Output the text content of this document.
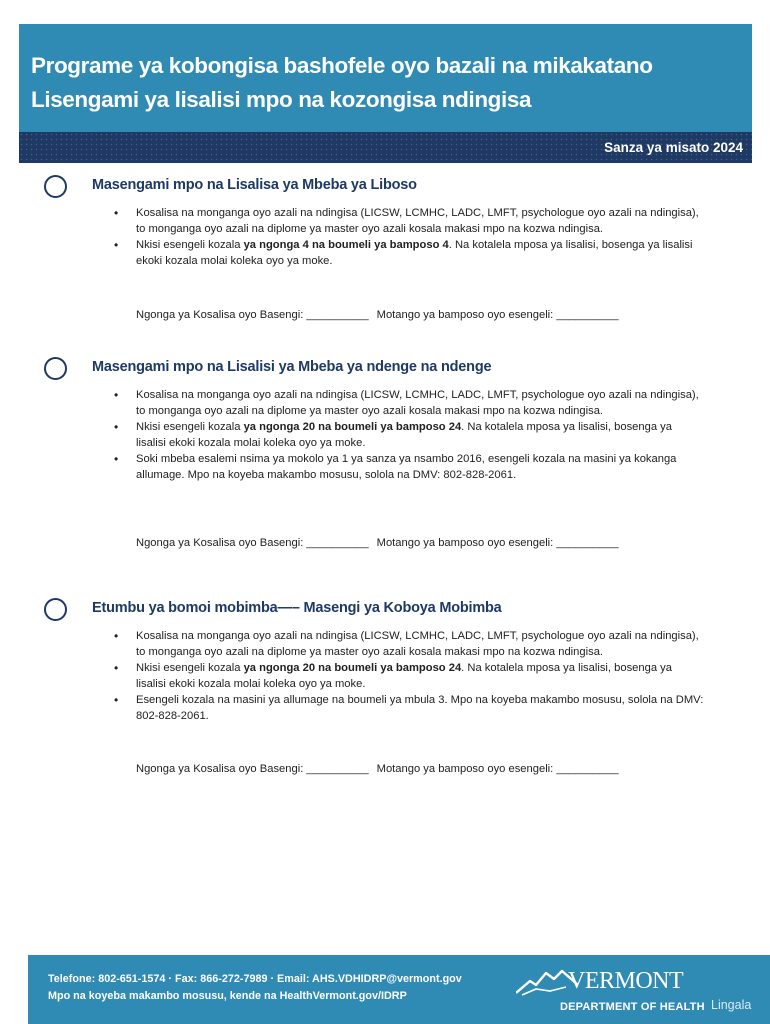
Programe ya kobongisa bashofele oyo bazali na mikakatano
Lisengami ya lisalisi mpo na kozongisa ndingisa
Sanza ya misato 2024
Masengami mpo na Lisalisa ya Mbeba ya Liboso
• Kosalisa na monganga oyo azali na ndingisa (LICSW, LCMHC, LADC, LMFT, psychologue oyo azali na ndingisa), to monganga oyo azali na diplome ya master oyo azali kosala makasi mpo na kozwa ndingisa.
• Nkisi esengeli kozala ya ngonga 4 na boumeli ya bamposo 4. Na kotalela mposa ya lisalisi, bosenga ya lisalisi ekoki kozala molai koleka oyo ya moke.
Ngonga ya Kosalisa oyo Basengi: __________ Motango ya bamposo oyo esengeli: __________
Masengami mpo na Lisalisi ya Mbeba ya ndenge na ndenge
• Kosalisa na monganga oyo azali na ndingisa (LICSW, LCMHC, LADC, LMFT, psychologue oyo azali na ndingisa), to monganga oyo azali na diplome ya master oyo azali kosala makasi mpo na kozwa ndingisa.
• Nkisi esengeli kozala ya ngonga 20 na boumeli ya bamposo 24. Na kotalela mposa ya lisalisi, bosenga ya lisalisi ekoki kozala molai koleka oyo ya moke.
• Soki mbeba esalemi nsima ya mokolo ya 1 ya sanza ya nsambo 2016, esengeli kozala na masini ya kokanga allumage. Mpo na koyeba makambo mosusu, solola na DMV: 802-828-2061.
Ngonga ya Kosalisa oyo Basengi: __________ Motango ya bamposo oyo esengeli: __________
Etumbu ya bomoi mobimba—– Masengi ya Koboya Mobimba
• Kosalisa na monganga oyo azali na ndingisa (LICSW, LCMHC, LADC, LMFT, psychologue oyo azali na ndingisa), to monganga oyo azali na diplome ya master oyo azali kosala makasi mpo na kozwa ndingisa.
• Nkisi esengeli kozala ya ngonga 20 na boumeli ya bamposo 24. Na kotalela mposa ya lisalisi, bosenga ya lisalisi ekoki kozala molai koleka oyo ya moke.
• Esengeli kozala na masini ya allumage na boumeli ya mbula 3. Mpo na koyeba makambo mosusu, solola na DMV: 802-828-2061.
Ngonga ya Kosalisa oyo Basengi: __________ Motango ya bamposo oyo esengeli: __________
Telefone: 802-651-1574 · Fax: 866-272-7989 · Email: AHS.VDHIDRP@vermont.gov
Mpo na koyeba makambo mosusu, kende na HealthVermont.gov/IDRP
VERMONT
DEPARTMENT OF HEALTH Lingala
